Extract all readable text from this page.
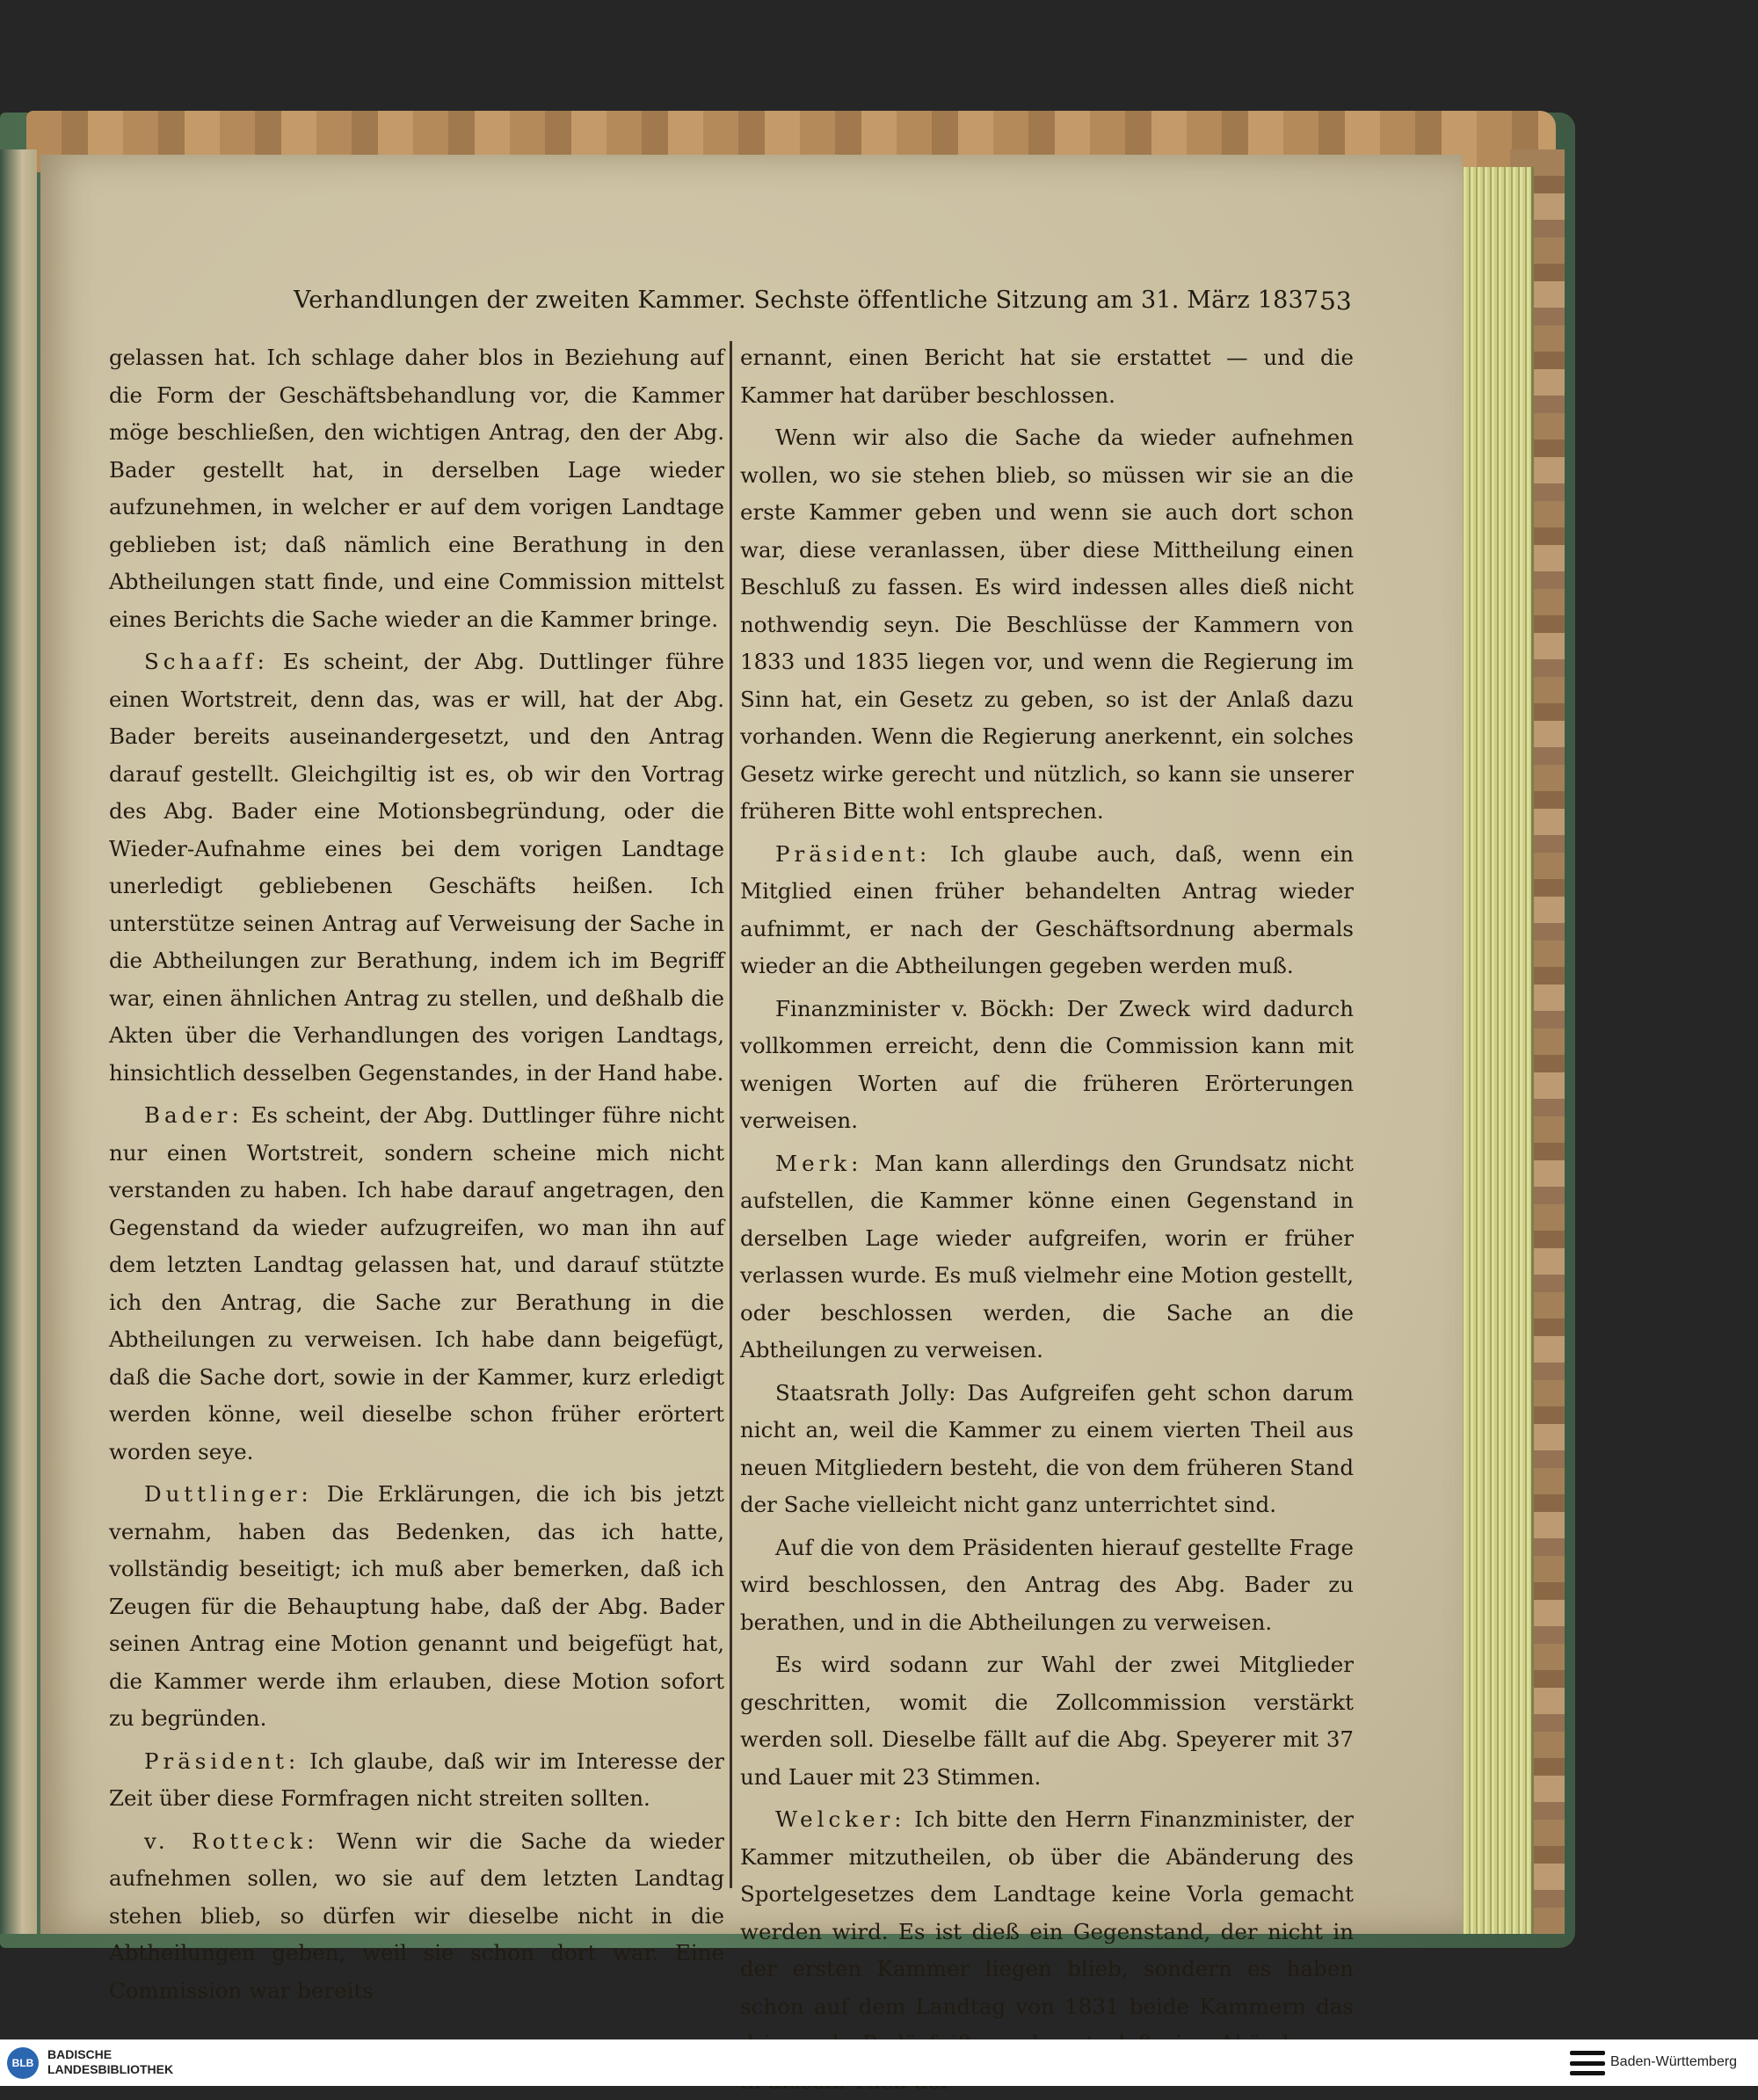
Verhandlungen der zweiten Kammer. Sechste öffentliche Sitzung am 31. März 1837.
53

gelassen hat. Ich schlage daher blos in Beziehung auf die Form der Geschäftsbehandlung vor, die Kammer möge beschließen, den wichtigen Antrag, den der Abg. Bader gestellt hat, in derselben Lage wieder aufzunehmen, in welcher er auf dem vorigen Landtage geblieben ist; daß nämlich eine Berathung in den Abtheilungen statt finde, und eine Commission mittelst eines Berichts die Sache wieder an die Kammer bringe.

Schaaff: Es scheint, der Abg. Duttlinger führe einen Wortstreit, denn das, was er will, hat der Abg. Bader bereits auseinandergesetzt, und den Antrag darauf gestellt. Gleichgiltig ist es, ob wir den Vortrag des Abg. Bader eine Motionsbegründung, oder die Wieder-Aufnahme eines bei dem vorigen Landtage unerledigt gebliebenen Geschäfts heißen. Ich unterstütze seinen Antrag auf Verweisung der Sache in die Abtheilungen zur Berathung, indem ich im Begriff war, einen ähnlichen Antrag zu stellen, und deßhalb die Akten über die Verhandlungen des vorigen Landtags, hinsichtlich desselben Gegenstandes, in der Hand habe.

Bader: Es scheint, der Abg. Duttlinger führe nicht nur einen Wortstreit, sondern scheine mich nicht verstanden zu haben. Ich habe darauf angetragen, den Gegenstand da wieder aufzugreifen, wo man ihn auf dem letzten Landtag gelassen hat, und darauf stützte ich den Antrag, die Sache zur Berathung in die Abtheilungen zu verweisen. Ich habe dann beigefügt, daß die Sache dort, sowie in der Kammer, kurz erledigt werden könne, weil dieselbe schon früher erörtert worden seye.

Duttlinger: Die Erklärungen, die ich bis jetzt vernahm, haben das Bedenken, das ich hatte, vollständig beseitigt; ich muß aber bemerken, daß ich Zeugen für die Behauptung habe, daß der Abg. Bader seinen Antrag eine Motion genannt und beigefügt hat, die Kammer werde ihm erlauben, diese Motion sofort zu begründen.

Präsident: Ich glaube, daß wir im Interesse der Zeit über diese Formfragen nicht streiten sollten.

v. Rotteck: Wenn wir die Sache da wieder aufnehmen sollen, wo sie auf dem letzten Landtag stehen blieb, so dürfen wir dieselbe nicht in die Abtheilungen geben, weil sie schon dort war. Eine Commission war bereits

ernannt, einen Bericht hat sie erstattet — und die Kammer hat darüber beschlossen.

Wenn wir also die Sache da wieder aufnehmen wollen, wo sie stehen blieb, so müssen wir sie an die erste Kammer geben und wenn sie auch dort schon war, diese veranlassen, über diese Mittheilung einen Beschluß zu fassen. Es wird indessen alles dieß nicht nothwendig seyn. Die Beschlüsse der Kammern von 1833 und 1835 liegen vor, und wenn die Regierung im Sinn hat, ein Gesetz zu geben, so ist der Anlaß dazu vorhanden. Wenn die Regierung anerkennt, ein solches Gesetz wirke gerecht und nützlich, so kann sie unserer früheren Bitte wohl entsprechen.

Präsident: Ich glaube auch, daß, wenn ein Mitglied einen früher behandelten Antrag wieder aufnimmt, er nach der Geschäftsordnung abermals wieder an die Abtheilungen gegeben werden muß.

Finanzminister v. Böckh: Der Zweck wird dadurch vollkommen erreicht, denn die Commission kann mit wenigen Worten auf die früheren Erörterungen verweisen.

Merk: Man kann allerdings den Grundsatz nicht aufstellen, die Kammer könne einen Gegenstand in derselben Lage wieder aufgreifen, worin er früher verlassen wurde. Es muß vielmehr eine Motion gestellt, oder beschlossen werden, die Sache an die Abtheilungen zu verweisen.

Staatsrath Jolly: Das Aufgreifen geht schon darum nicht an, weil die Kammer zu einem vierten Theil aus neuen Mitgliedern besteht, die von dem früheren Stand der Sache vielleicht nicht ganz unterrichtet sind.

Auf die von dem Präsidenten hierauf gestellte Frage wird beschlossen, den Antrag des Abg. Bader zu berathen, und in die Abtheilungen zu verweisen.

Es wird sodann zur Wahl der zwei Mitglieder geschritten, womit die Zollcommission verstärkt werden soll. Dieselbe fällt auf die Abg. Speyerer mit 37 und Lauer mit 23 Stimmen.

Welcker: Ich bitte den Herrn Finanzminister, der Kammer mitzutheilen, ob über die Abänderung des Sportelgesetzes dem Landtage keine Vorla gemacht werden wird. Es ist dieß ein Gegenstand, der nicht in der ersten Kammer liegen blieb, sondern es haben schon auf dem Landtag von 1831 beide Kammern das

BLB
BADISCHE
LANDESBIBLIOTHEK	Baden-Württemberg
